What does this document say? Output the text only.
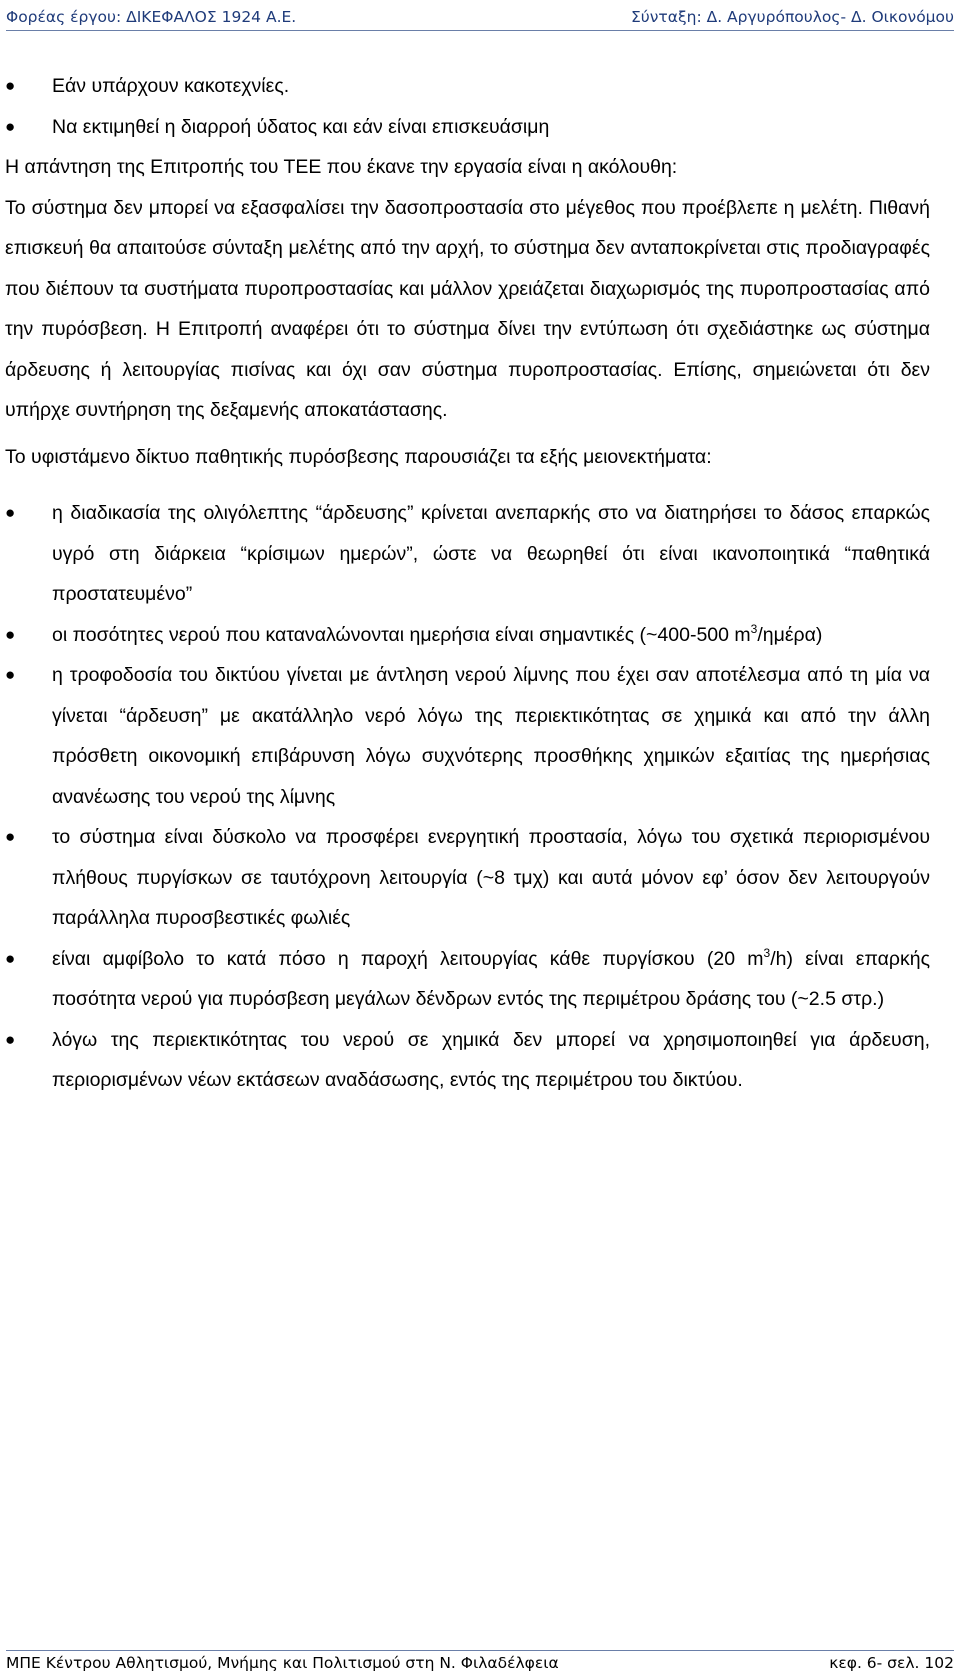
Φορέας έργου: ΔΙΚΕΦΑΛΟΣ 1924 Α.Ε.	Σύνταξη: Δ. Αργυρόπουλος- Δ. Οικονόμου
● Εάν υπάρχουν κακοτεχνίες.
● Να εκτιμηθεί η διαρροή ύδατος και εάν είναι επισκευάσιμη

Η απάντηση της Επιτροπής του ΤΕΕ που έκανε την εργασία είναι η ακόλουθη:

Το σύστημα δεν μπορεί να εξασφαλίσει την δασοπροστασία στο μέγεθος που προέβλεπε η μελέτη. Πιθανή επισκευή θα απαιτούσε σύνταξη μελέτης από την αρχή, το σύστημα δεν ανταποκρίνεται στις προδιαγραφές που διέπουν τα συστήματα πυροπροστασίας και μάλλον χρειάζεται διαχωρισμός της πυροπροστασίας από την πυρόσβεση. Η Επιτροπή αναφέρει ότι το σύστημα δίνει την εντύπωση ότι σχεδιάστηκε ως σύστημα άρδευσης ή λειτουργίας πισίνας και όχι σαν σύστημα πυροπροστασίας. Επίσης, σημειώνεται ότι δεν υπήρχε συντήρηση της δεξαμενής αποκατάστασης.

Το υφιστάμενο δίκτυο παθητικής πυρόσβεσης παρουσιάζει τα εξής μειονεκτήματα:

● η διαδικασία της ολιγόλεπτης “άρδευσης” κρίνεται ανεπαρκής στο να διατηρήσει το δάσος επαρκώς υγρό στη διάρκεια “κρίσιμων ημερών”, ώστε να θεωρηθεί ότι είναι ικανοποιητικά “παθητικά προστατευμένο”
● οι ποσότητες νερού που καταναλώνονται ημερήσια είναι σημαντικές (~400-500 $m^3/\eta\mu έ\rho\alpha$)
● η τροφοδοσία του δικτύου γίνεται με άντληση νερού λίμνης που έχει σαν αποτέλεσμα από τη μία να γίνεται “άρδευση” με ακατάλληλο νερό λόγω της περιεκτικότητας σε χημικά και από την άλλη πρόσθετη οικονομική επιβάρυνση λόγω συχνότερης προσθήκης χημικών εξαιτίας της ημερήσιας ανανέωσης του νερού της λίμνης
● το σύστημα είναι δύσκολο να προσφέρει ενεργητική προστασία, λόγω του σχετικά περιορισμένου πλήθους πυργίσκων σε ταυτόχρονη λειτουργία (~8 τμχ) και αυτά μόνον εφ’ όσον δεν λειτουργούν παράλληλα πυροσβεστικές φωλιές
● είναι αμφίβολο το κατά πόσο η παροχή λειτουργίας κάθε πυργίσκου (20 $m^3/h$) είναι επαρκής ποσότητα νερού για πυρόσβεση μεγάλων δένδρων εντός της περιμέτρου δράσης του (~2.5 στρ.)
● λόγω της περιεκτικότητας του νερού σε χημικά δεν μπορεί να χρησιμοποιηθεί για άρδευση, περιορισμένων νέων εκτάσεων αναδάσωσης, εντός της περιμέτρου του δικτύου.
ΜΠΕ Κέντρου Αθλητισμού, Μνήμης και Πολιτισμού στη Ν. Φιλαδέλφεια	κεφ. 6- σελ. 102
